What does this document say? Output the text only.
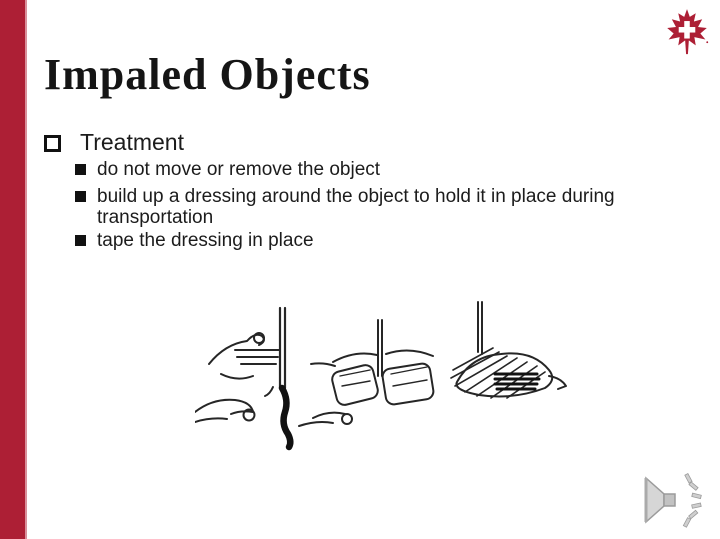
Impaled Objects
Treatment
do not move or remove the object
build up a dressing around the object to hold it in place during transportation
tape the dressing in place
